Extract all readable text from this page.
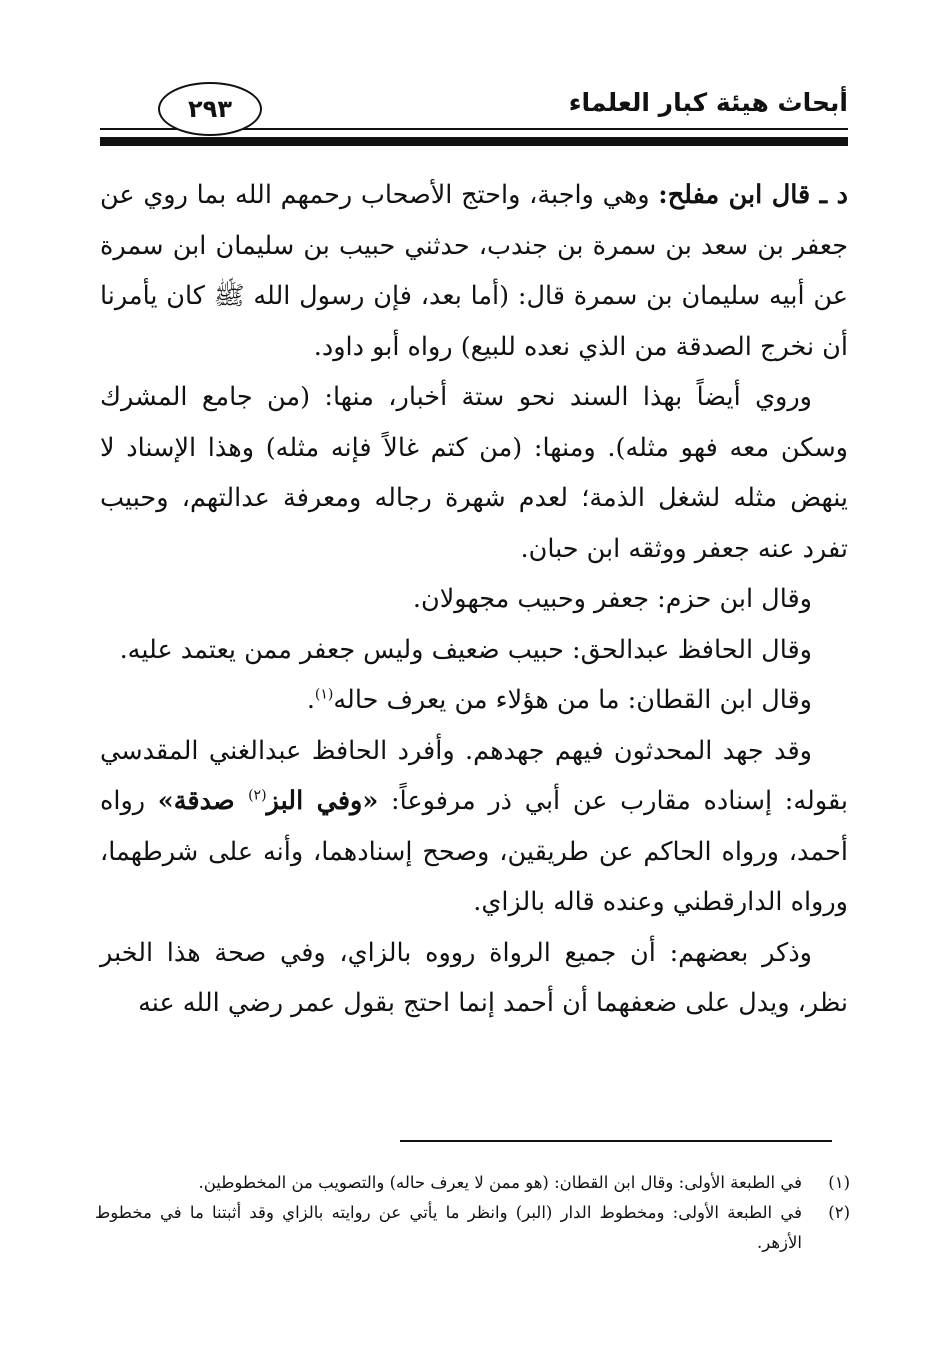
أبحاث هيئة كبار العلماء
٢٩٣

د ـ قال ابن مفلح: وهي واجبة، واحتج الأصحاب رحمهم الله بما روي عن جعفر بن سعد بن سمرة بن جندب، حدثني حبيب بن سليمان ابن سمرة عن أبيه سليمان بن سمرة قال: (أما بعد، فإن رسول الله ﷺ كان يأمرنا أن نخرج الصدقة من الذي نعده للبيع) رواه أبو داود.

وروي أيضاً بهذا السند نحو ستة أخبار، منها: (من جامع المشرك وسكن معه فهو مثله). ومنها: (من كتم غالاً فإنه مثله) وهذا الإسناد لا ينهض مثله لشغل الذمة؛ لعدم شهرة رجاله ومعرفة عدالتهم، وحبيب تفرد عنه جعفر ووثقه ابن حبان.

وقال ابن حزم: جعفر وحبيب مجهولان.

وقال الحافظ عبدالحق: حبيب ضعيف وليس جعفر ممن يعتمد عليه.

وقال ابن القطان: ما من هؤلاء من يعرف حاله$^{(١)}$.

وقد جهد المحدثون فيهم جهدهم. وأفرد الحافظ عبدالغني المقدسي بقوله: إسناده مقارب عن أبي ذر مرفوعاً: «وفي البز$^{(٢)}$ صدقة» رواه أحمد، ورواه الحاكم عن طريقين، وصحح إسنادهما، وأنه على شرطهما، ورواه الدارقطني وعنده قاله بالزاي.

وذكر بعضهم: أن جميع الرواة رووه بالزاي، وفي صحة هذا الخبر نظر، ويدل على ضعفهما أن أحمد إنما احتج بقول عمر رضي الله عنه

(١)
في الطبعة الأولى: وقال ابن القطان: (هو ممن لا يعرف حاله) والتصويب من المخطوطين.
(٢)
في الطبعة الأولى: ومخطوط الدار (البر) وانظر ما يأتي عن روايته بالزاي وقد أثبتنا ما في مخطوط الأزهر.
